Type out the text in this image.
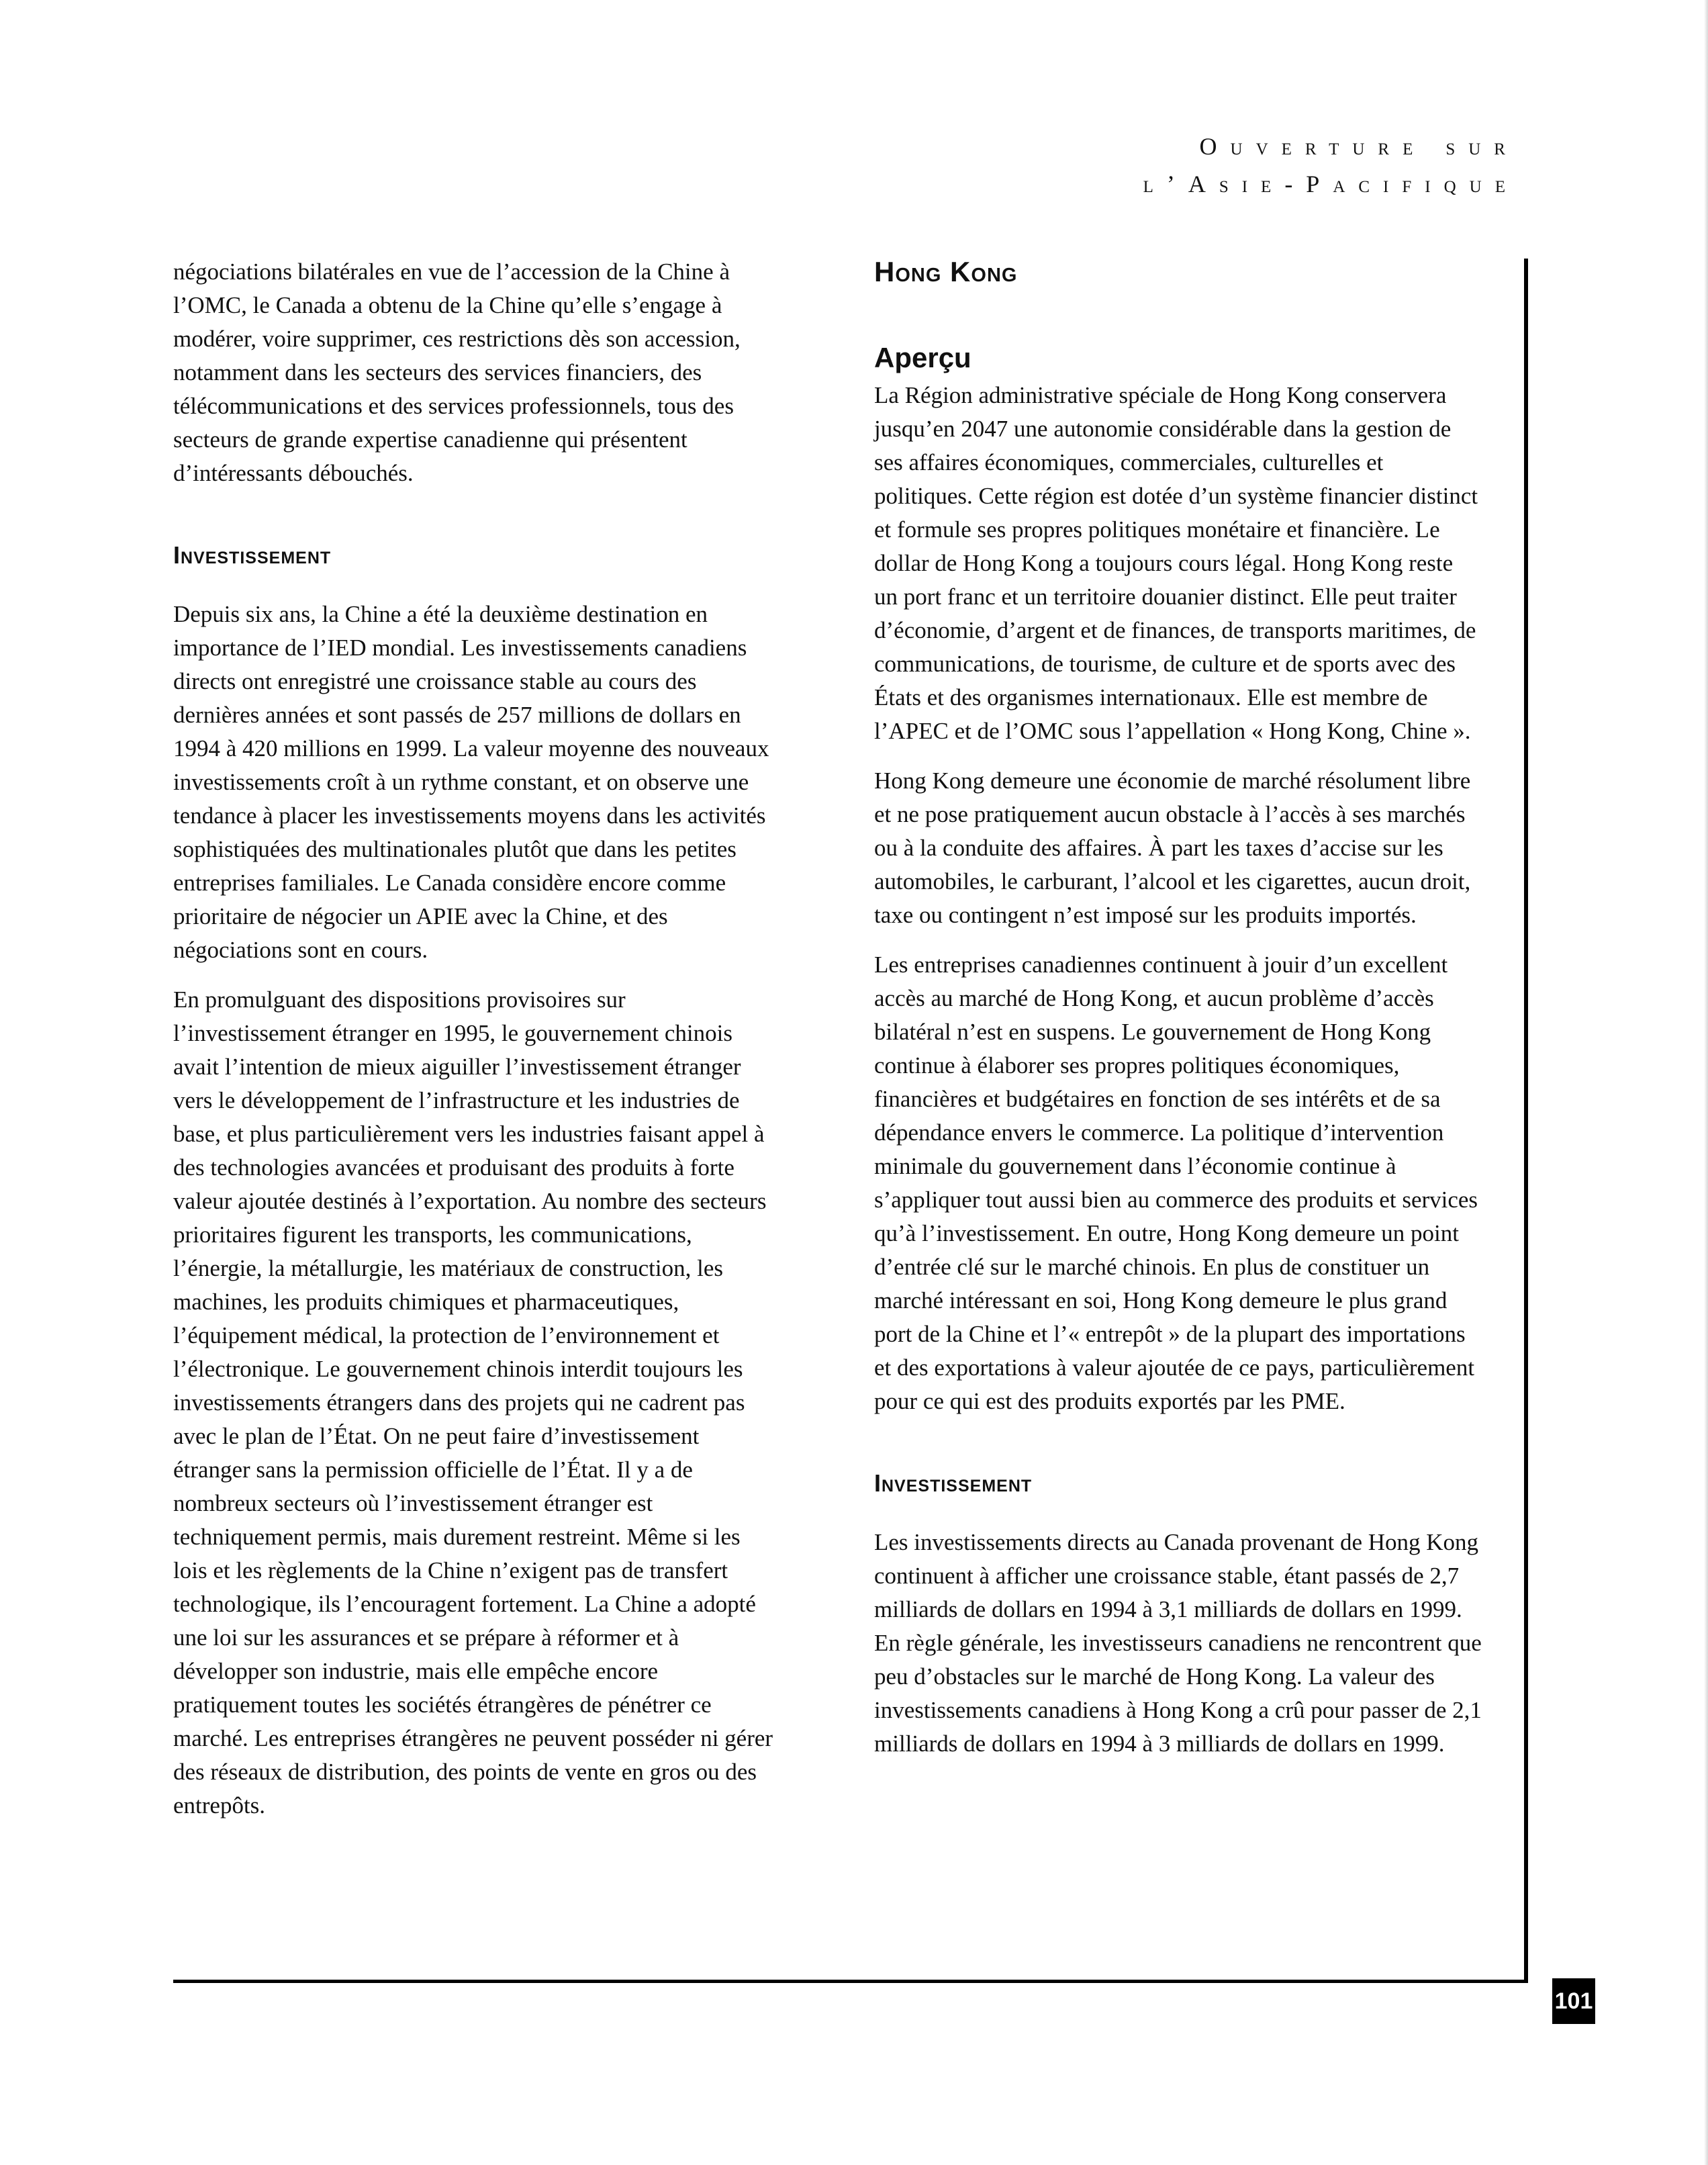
Ouverture sur
l’Asie-Pacifique

négociations bilatérales en vue de l’accession de la Chine à l’OMC, le Canada a obtenu de la Chine qu’elle s’engage à modérer, voire supprimer, ces restrictions dès son accession, notamment dans les secteurs des services financiers, des télécommunications et des services professionnels, tous des secteurs de grande expertise canadienne qui présentent d’intéressants débouchés.

Investissement

Depuis six ans, la Chine a été la deuxième destination en importance de l’IED mondial. Les investissements canadiens directs ont enregistré une croissance stable au cours des dernières années et sont passés de 257 millions de dollars en 1994 à 420 millions en 1999. La valeur moyenne des nouveaux investissements croît à un rythme constant, et on observe une tendance à placer les investissements moyens dans les activités sophistiquées des multinationales plutôt que dans les petites entreprises familiales. Le Canada considère encore comme prioritaire de négocier un APIE avec la Chine, et des négociations sont en cours.

En promulguant des dispositions provisoires sur l’investissement étranger en 1995, le gouvernement chinois avait l’intention de mieux aiguiller l’investissement étranger vers le développement de l’infrastructure et les industries de base, et plus particulièrement vers les industries faisant appel à des technologies avancées et produisant des produits à forte valeur ajoutée destinés à l’exportation. Au nombre des secteurs prioritaires figurent les transports, les communications, l’énergie, la métallurgie, les matériaux de construction, les machines, les produits chimiques et pharmaceutiques, l’équipement médical, la protection de l’environnement et l’électronique. Le gouvernement chinois interdit toujours les investissements étrangers dans des projets qui ne cadrent pas avec le plan de l’État. On ne peut faire d’investissement étranger sans la permission officielle de l’État. Il y a de nombreux secteurs où l’investissement étranger est techniquement permis, mais durement restreint. Même si les lois et les règlements de la Chine n’exigent pas de transfert technologique, ils l’encouragent fortement. La Chine a adopté une loi sur les assurances et se prépare à réformer et à développer son industrie, mais elle empêche encore pratiquement toutes les sociétés étrangères de pénétrer ce marché. Les entreprises étrangères ne peuvent posséder ni gérer des réseaux de distribution, des points de vente en gros ou des entrepôts.

Hong Kong
Aperçu

La Région administrative spéciale de Hong Kong conservera jusqu’en 2047 une autonomie considérable dans la gestion de ses affaires économiques, commerciales, culturelles et politiques. Cette région est dotée d’un système financier distinct et formule ses propres politiques monétaire et financière. Le dollar de Hong Kong a toujours cours légal. Hong Kong reste un port franc et un territoire douanier distinct. Elle peut traiter d’économie, d’argent et de finances, de transports maritimes, de communications, de tourisme, de culture et de sports avec des États et des organismes internationaux. Elle est membre de l’APEC et de l’OMC sous l’appellation « Hong Kong, Chine ».

Hong Kong demeure une économie de marché résolument libre et ne pose pratiquement aucun obstacle à l’accès à ses marchés ou à la conduite des affaires. À part les taxes d’accise sur les automobiles, le carburant, l’alcool et les cigarettes, aucun droit, taxe ou contingent n’est imposé sur les produits importés.

Les entreprises canadiennes continuent à jouir d’un excellent accès au marché de Hong Kong, et aucun problème d’accès bilatéral n’est en suspens. Le gouvernement de Hong Kong continue à élaborer ses propres politiques économiques, financières et budgétaires en fonction de ses intérêts et de sa dépendance envers le commerce. La politique d’intervention minimale du gouvernement dans l’économie continue à s’appliquer tout aussi bien au commerce des produits et services qu’à l’investissement. En outre, Hong Kong demeure un point d’entrée clé sur le marché chinois. En plus de constituer un marché intéressant en soi, Hong Kong demeure le plus grand port de la Chine et l’« entrepôt » de la plupart des importations et des exportations à valeur ajoutée de ce pays, particulièrement pour ce qui est des produits exportés par les PME.

Investissement

Les investissements directs au Canada provenant de Hong Kong continuent à afficher une croissance stable, étant passés de 2,7 milliards de dollars en 1994 à 3,1 milliards de dollars en 1999. En règle générale, les investisseurs canadiens ne rencontrent que peu d’obstacles sur le marché de Hong Kong. La valeur des investissements canadiens à Hong Kong a crû pour passer de 2,1 milliards de dollars en 1994 à 3 milliards de dollars en 1999.

101
